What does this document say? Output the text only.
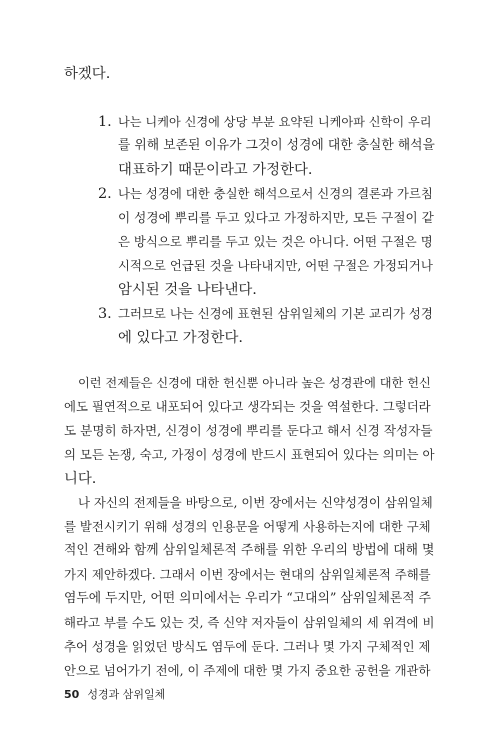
하겠다.
1. 나는 니케아 신경에 상당 부분 요약된 니케아파 신학이 우리
를 위해 보존된 이유가 그것이 성경에 대한 충실한 해석을
대표하기 때문이라고 가정한다.
2. 나는 성경에 대한 충실한 해석으로서 신경의 결론과 가르침
이 성경에 뿌리를 두고 있다고 가정하지만, 모든 구절이 같
은 방식으로 뿌리를 두고 있는 것은 아니다. 어떤 구절은 명
시적으로 언급된 것을 나타내지만, 어떤 구절은 가정되거나
암시된 것을 나타낸다.
3. 그러므로 나는 신경에 표현된 삼위일체의 기본 교리가 성경
에 있다고 가정한다.
이런 전제들은 신경에 대한 헌신뿐 아니라 높은 성경관에 대한 헌신
에도 필연적으로 내포되어 있다고 생각되는 것을 역설한다. 그렇더라
도 분명히 하자면, 신경이 성경에 뿌리를 둔다고 해서 신경 작성자들
의 모든 논쟁, 숙고, 가정이 성경에 반드시 표현되어 있다는 의미는 아
니다.
나 자신의 전제들을 바탕으로, 이번 장에서는 신약성경이 삼위일체
를 발전시키기 위해 성경의 인용문을 어떻게 사용하는지에 대한 구체
적인 견해와 함께 삼위일체론적 주해를 위한 우리의 방법에 대해 몇
가지 제안하겠다. 그래서 이번 장에서는 현대의 삼위일체론적 주해를
염두에 두지만, 어떤 의미에서는 우리가 “고대의” 삼위일체론적 주
해라고 부를 수도 있는 것, 즉 신약 저자들이 삼위일체의 세 위격에 비
추어 성경을 읽었던 방식도 염두에 둔다. 그러나 몇 가지 구체적인 제
안으로 넘어가기 전에, 이 주제에 대한 몇 가지 중요한 공헌을 개관하
50 성경과 삼위일체
